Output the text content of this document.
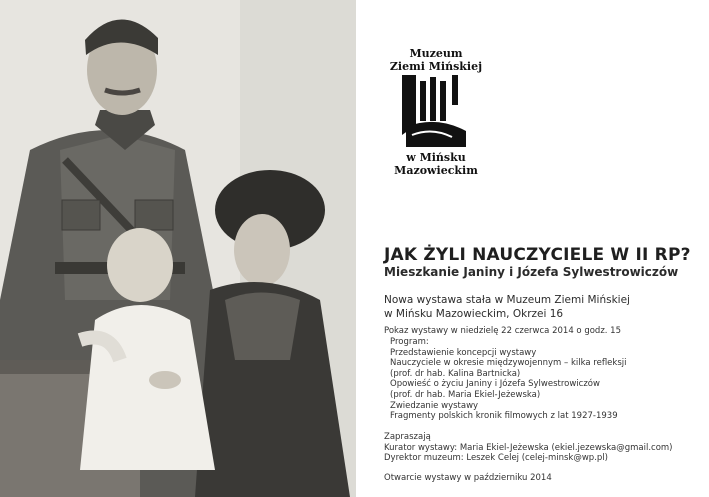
Muzeum
Ziemi Mińskiej
w Mińsku
Mazowieckim
JAK ŻYLI NAUCZYCIELE W II RP?
Mieszkanie Janiny i Józefa Sylwestrowiczów
Nowa wystawa stała w Muzeum Ziemi Mińskiej
w Mińsku Mazowieckim, Okrzei 16
Pokaz wystawy w niedzielę 22 czerwca 2014 o godz. 15
Program:
Przedstawienie koncepcji wystawy
Nauczyciele w okresie międzywojennym – kilka refleksji
(prof. dr hab. Kalina Bartnicka)
Opowieść o życiu Janiny i Józefa Sylwestrowiczów
(prof. dr hab. Maria Ekiel-Jeżewska)
Zwiedzanie wystawy
Fragmenty polskich kronik filmowych z lat 1927-1939
Zapraszają
Kurator wystawy: Maria Ekiel-Jeżewska (ekiel.jezewska@gmail.com)
Dyrektor muzeum: Leszek Celej (celej-minsk@wp.pl)
Otwarcie wystawy w październiku 2014
